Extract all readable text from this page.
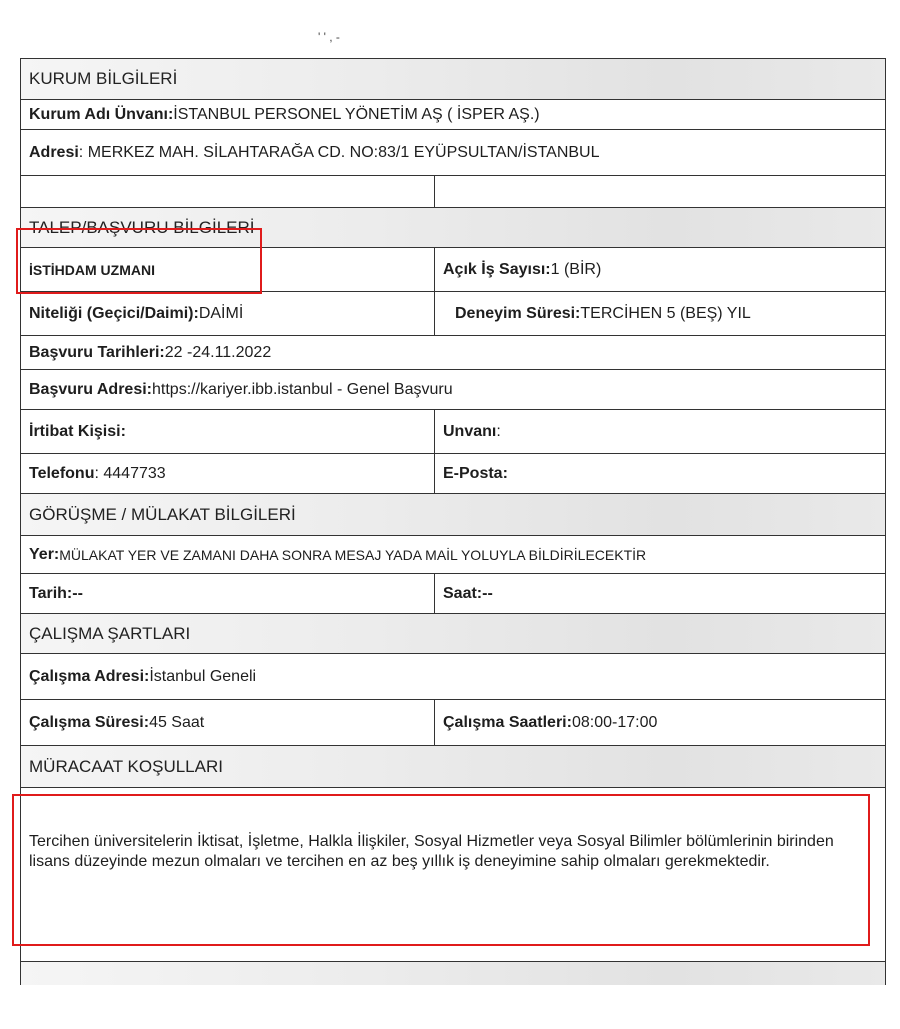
' ' , -
KURUM BİLGİLERİ
Kurum Adı Ünvanı: İSTANBUL PERSONEL YÖNETİM AŞ ( İSPER AŞ.)
Adresi : MERKEZ MAH. SİLAHTARAĞA CD. NO:83/1 EYÜPSULTAN/İSTANBUL
TALEP/BAŞVURU BİLGİLERİ
İSTİHDAM UZMANI	Açık İş Sayısı: 1 (BİR)
Niteliği (Geçici/Daimi): DAİMİ	Deneyim Süresi: TERCİHEN 5 (BEŞ) YIL
Başvuru Tarihleri: 22 -24.11.2022
Başvuru Adresi: https://kariyer.ibb.istanbul - Genel Başvuru
İrtibat Kişisi:	Unvanı :
Telefonu : 4447733	E-Posta:
GÖRÜŞME / MÜLAKAT BİLGİLERİ
Yer: MÜLAKAT YER VE ZAMANI DAHA SONRA MESAJ YADA MAİL YOLUYLA BİLDİRİLECEKTİR
Tarih:--	Saat:--
ÇALIŞMA ŞARTLARI
Çalışma Adresi: İstanbul Geneli
Çalışma Süresi: 45 Saat	Çalışma Saatleri: 08:00-17:00
MÜRACAAT KOŞULLARI
Tercihen üniversitelerin İktisat, İşletme, Halkla İlişkiler, Sosyal Hizmetler veya Sosyal Bilimler bölümlerinin birinden lisans düzeyinde mezun olmaları ve tercihen en az beş yıllık iş deneyimine sahip olmaları gerekmektedir.
